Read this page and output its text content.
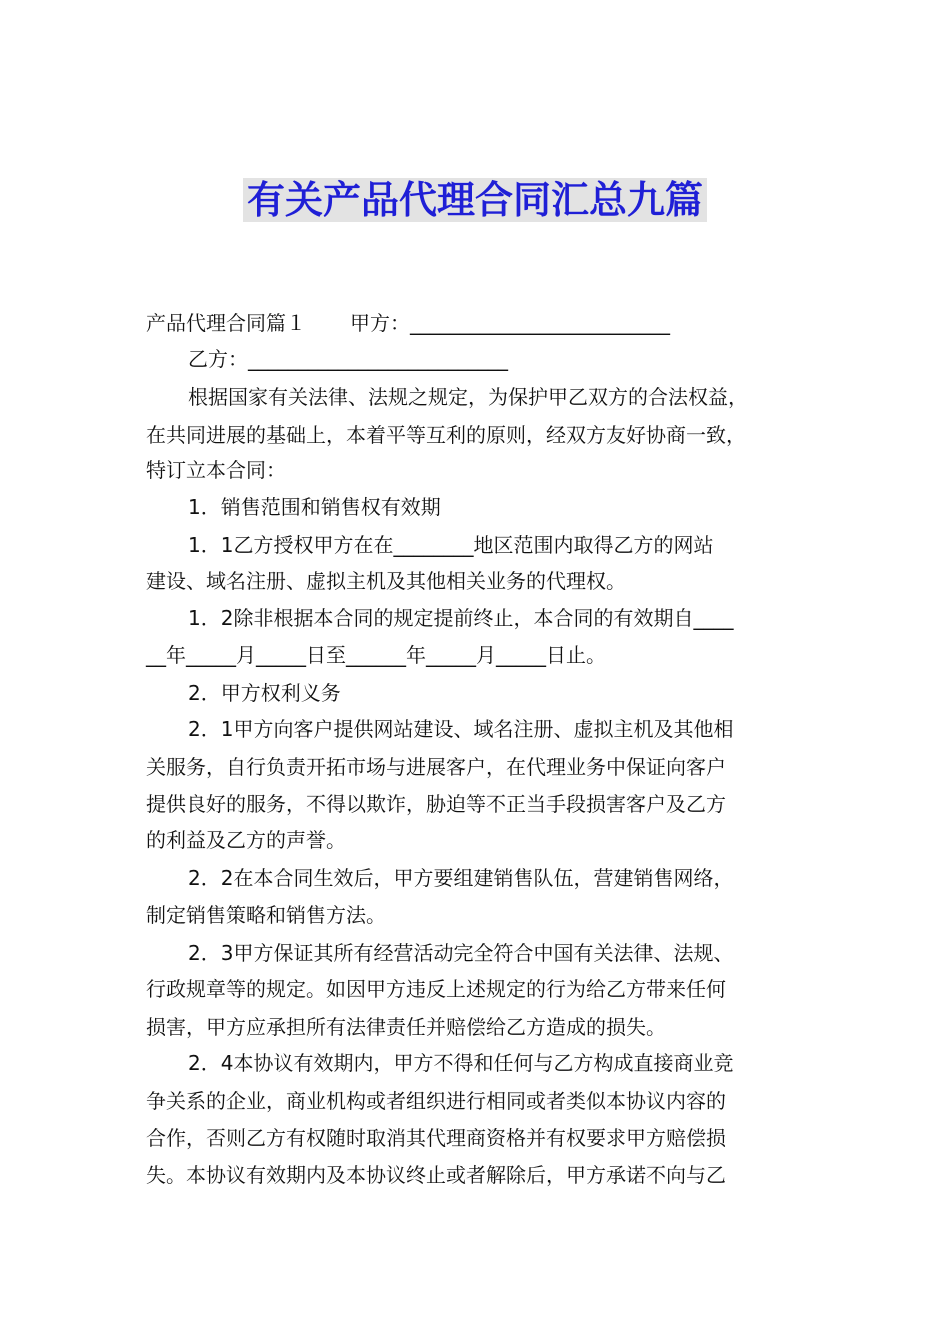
有关产品代理合同汇总九篇
产品代理合同篇１ 甲方：__________________________
乙方：__________________________
根据国家有关法律、法规之规定，为保护甲乙双方的合法权益，
在共同进展的基础上，本着平等互利的原则，经双方友好协商一致，
特订立本合同：
1．销售范围和销售权有效期
1．1乙方授权甲方在在________地区范围内取得乙方的网站
建设、域名注册、虚拟主机及其他相关业务的代理权。
1．2除非根据本合同的规定提前终止，本合同的有效期自____
__年_____月_____日至______年_____月_____日止。
2．甲方权利义务
2．1甲方向客户提供网站建设、域名注册、虚拟主机及其他相
关服务，自行负责开拓市场与进展客户，在代理业务中保证向客户
提供良好的服务，不得以欺诈，胁迫等不正当手段损害客户及乙方
的利益及乙方的声誉。
2．2在本合同生效后，甲方要组建销售队伍，营建销售网络，
制定销售策略和销售方法。
2．3甲方保证其所有经营活动完全符合中国有关法律、法规、
行政规章等的规定。如因甲方违反上述规定的行为给乙方带来任何
损害，甲方应承担所有法律责任并赔偿给乙方造成的损失。
2．4本协议有效期内，甲方不得和任何与乙方构成直接商业竞
争关系的企业，商业机构或者组织进行相同或者类似本协议内容的
合作，否则乙方有权随时取消其代理商资格并有权要求甲方赔偿损
失。本协议有效期内及本协议终止或者解除后，甲方承诺不向与乙
